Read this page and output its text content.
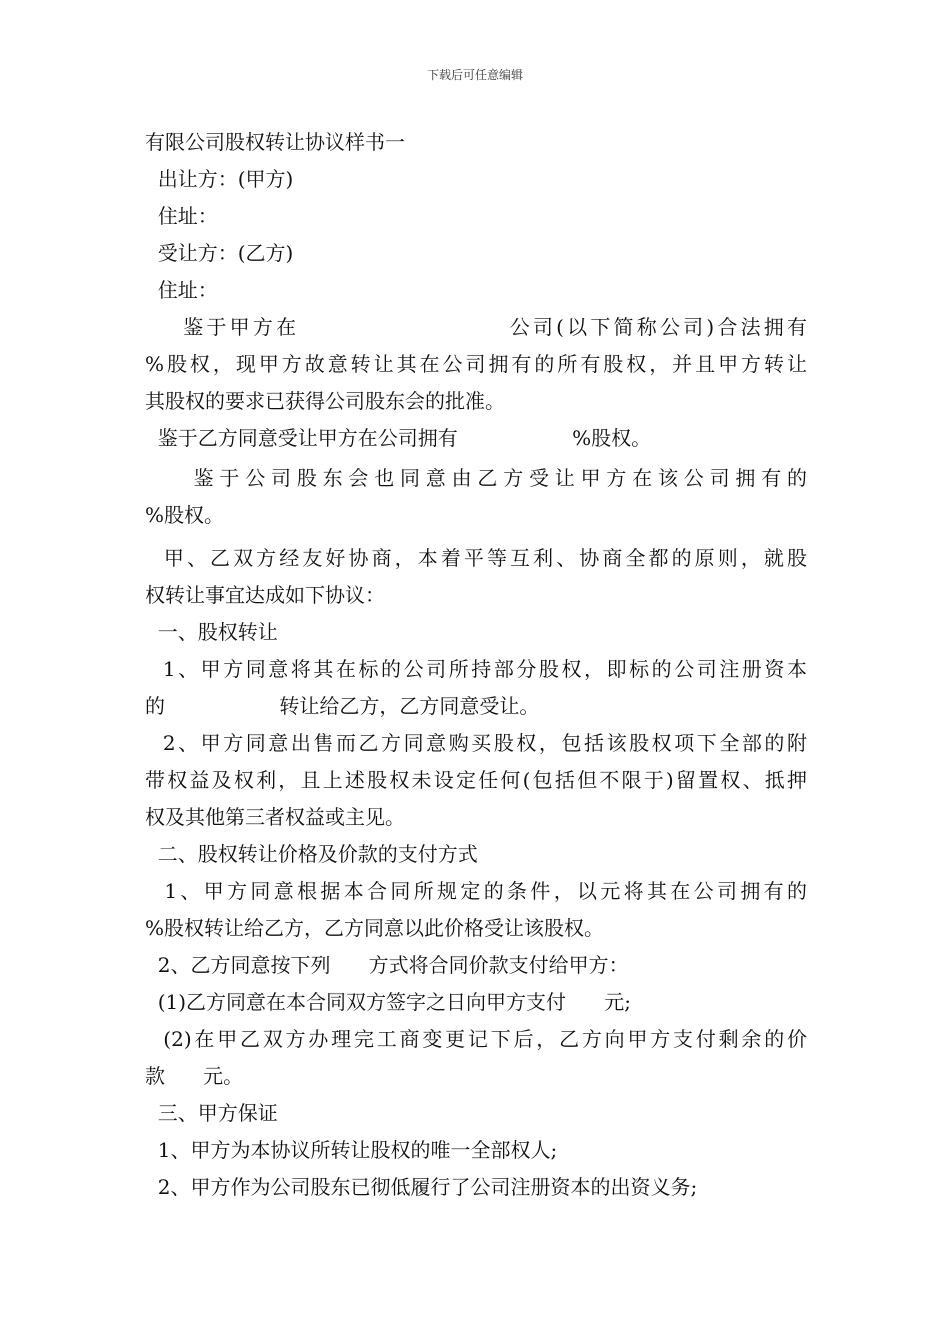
下载后可任意编辑
有限公司股权转让协议样书一
出让方：(甲方)
住址：
受让方：(乙方)
住址：
鉴于甲方在                      公司(以下简称公司)合法拥有
%股权，现甲方故意转让其在公司拥有的所有股权，并且甲方转让
其股权的要求已获得公司股东会的批准。
鉴于乙方同意受让甲方在公司拥有                  %股权。
鉴于公司股东会也同意由乙方受让甲方在该公司拥有的
%股权。
甲、乙双方经友好协商，本着平等互利、协商全都的原则，就股
权转让事宜达成如下协议：
一、股权转让
1、甲方同意将其在标的公司所持部分股权，即标的公司注册资本
的                  转让给乙方，乙方同意受让。
2、甲方同意出售而乙方同意购买股权，包括该股权项下全部的附
带权益及权利，且上述股权未设定任何(包括但不限于)留置权、抵押
权及其他第三者权益或主见。
二、股权转让价格及价款的支付方式
1、甲方同意根据本合同所规定的条件，以元将其在公司拥有的
%股权转让给乙方，乙方同意以此价格受让该股权。
2、乙方同意按下列      方式将合同价款支付给甲方：
(1)乙方同意在本合同双方签字之日向甲方支付      元;
(2)在甲乙双方办理完工商变更记下后，乙方向甲方支付剩余的价
款      元。
三、甲方保证
1、甲方为本协议所转让股权的唯一全部权人;
2、甲方作为公司股东已彻低履行了公司注册资本的出资义务;
